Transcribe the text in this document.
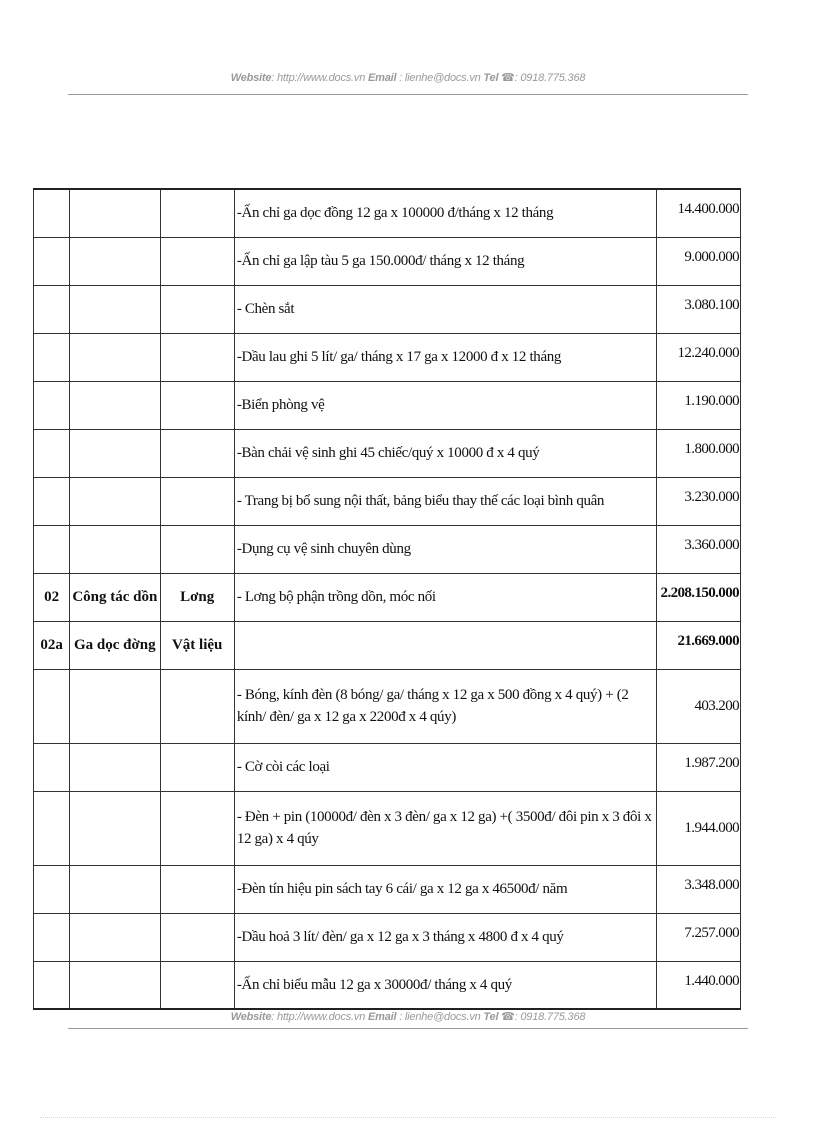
Website: http://www.docs.vn Email : lienhe@docs.vn Tel ☎: 0918.775.368
			-Ấn chỉ ga dọc đồng 12 ga x 100000 đ/tháng x 12 tháng	14.400.000
			-Ấn chỉ ga lập tàu 5 ga 150.000đ/ tháng x 12 tháng	9.000.000
			- Chèn sắt	3.080.100
			-Dầu lau ghi 5 lít/ ga/ tháng x 17 ga x 12000 đ x 12 tháng	12.240.000
			-Biển phòng vệ	1.190.000
			-Bàn chải vệ sinh ghi 45 chiếc/quý x 10000 đ x 4 quý	1.800.000
			- Trang bị bổ sung nội thất, bảng biểu thay thế các loại bình quân	3.230.000
			-Dụng cụ vệ sinh chuyên dùng	3.360.000
02	Công tác dồn	Lơng	- Lơng bộ phận trồng dồn, móc nối	2.208.150.000
02a	Ga dọc đờng	Vật liệu		21.669.000
			- Bóng, kính đèn (8 bóng/ ga/ tháng x 12 ga x 500 đồng x 4 quý) + (2 kính/ đèn/ ga x 12 ga x 2200đ x 4 qúy)	403.200
			- Cờ còi các loại	1.987.200
			- Đèn + pin (10000đ/ đèn x 3 đèn/ ga x 12 ga) +( 3500đ/ đôi pin x 3 đôi x 12 ga) x 4 qúy	1.944.000
			-Đèn tín hiệu pin sách tay 6 cái/ ga x 12 ga x 46500đ/ năm	3.348.000
			-Dầu hoả 3 lít/ đèn/ ga x 12 ga x 3 tháng x 4800 đ x 4 quý	7.257.000
			-Ấn chỉ biểu mẫu 12 ga x 30000đ/ tháng x 4 quý	1.440.000
Website: http://www.docs.vn Email : lienhe@docs.vn Tel ☎: 0918.775.368
